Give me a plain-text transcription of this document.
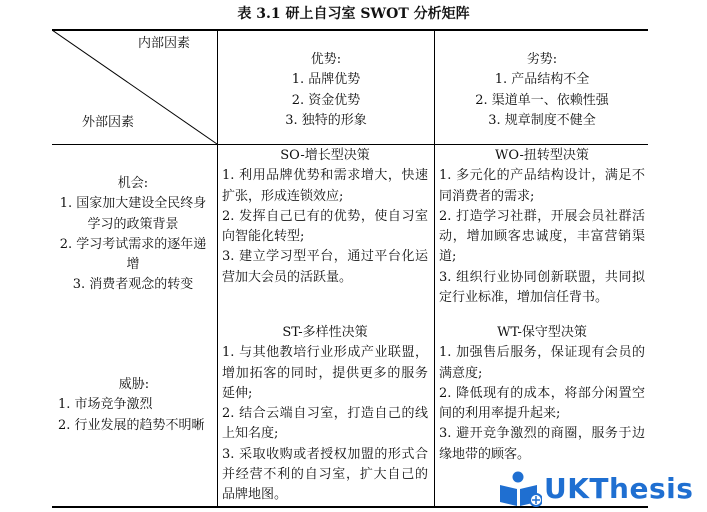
表 3.1 研上自习室 SWOT 分析矩阵
内部因素
外部因素
优势:
1. 品牌优势
2. 资金优势
3. 独特的形象
劣势:
1. 产品结构不全
2. 渠道单一、依赖性强
3. 规章制度不健全
机会:
1. 国家加大建设全民终身学习的政策背景
2. 学习考试需求的逐年递增
3. 消费者观念的转变
威胁:
1. 市场竞争激烈
2. 行业发展的趋势不明晰
SO-增长型决策
1. 利用品牌优势和需求增大，快速扩张，形成连锁效应;
2. 发挥自己已有的优势，使自习室向智能化转型;
3. 建立学习型平台，通过平台化运营加大会员的活跃量。
WO-扭转型决策
1. 多元化的产品结构设计，满足不同消费者的需求;
2. 打造学习社群，开展会员社群活动，增加顾客忠诚度，丰富营销渠道;
3. 组织行业协同创新联盟，共同拟定行业标准，增加信任背书。
ST-多样性决策
1. 与其他教培行业形成产业联盟，增加拓客的同时，提供更多的服务延伸;
2. 结合云端自习室，打造自己的线上知名度;
3. 采取收购或者授权加盟的形式合并经营不利的自习室，扩大自己的品牌地图。
WT-保守型决策
1. 加强售后服务，保证现有会员的满意度;
2. 降低现有的成本，将部分闲置空间的利用率提升起来;
3. 避开竞争激烈的商圈，服务于边缘地带的顾客。
UKThesis
